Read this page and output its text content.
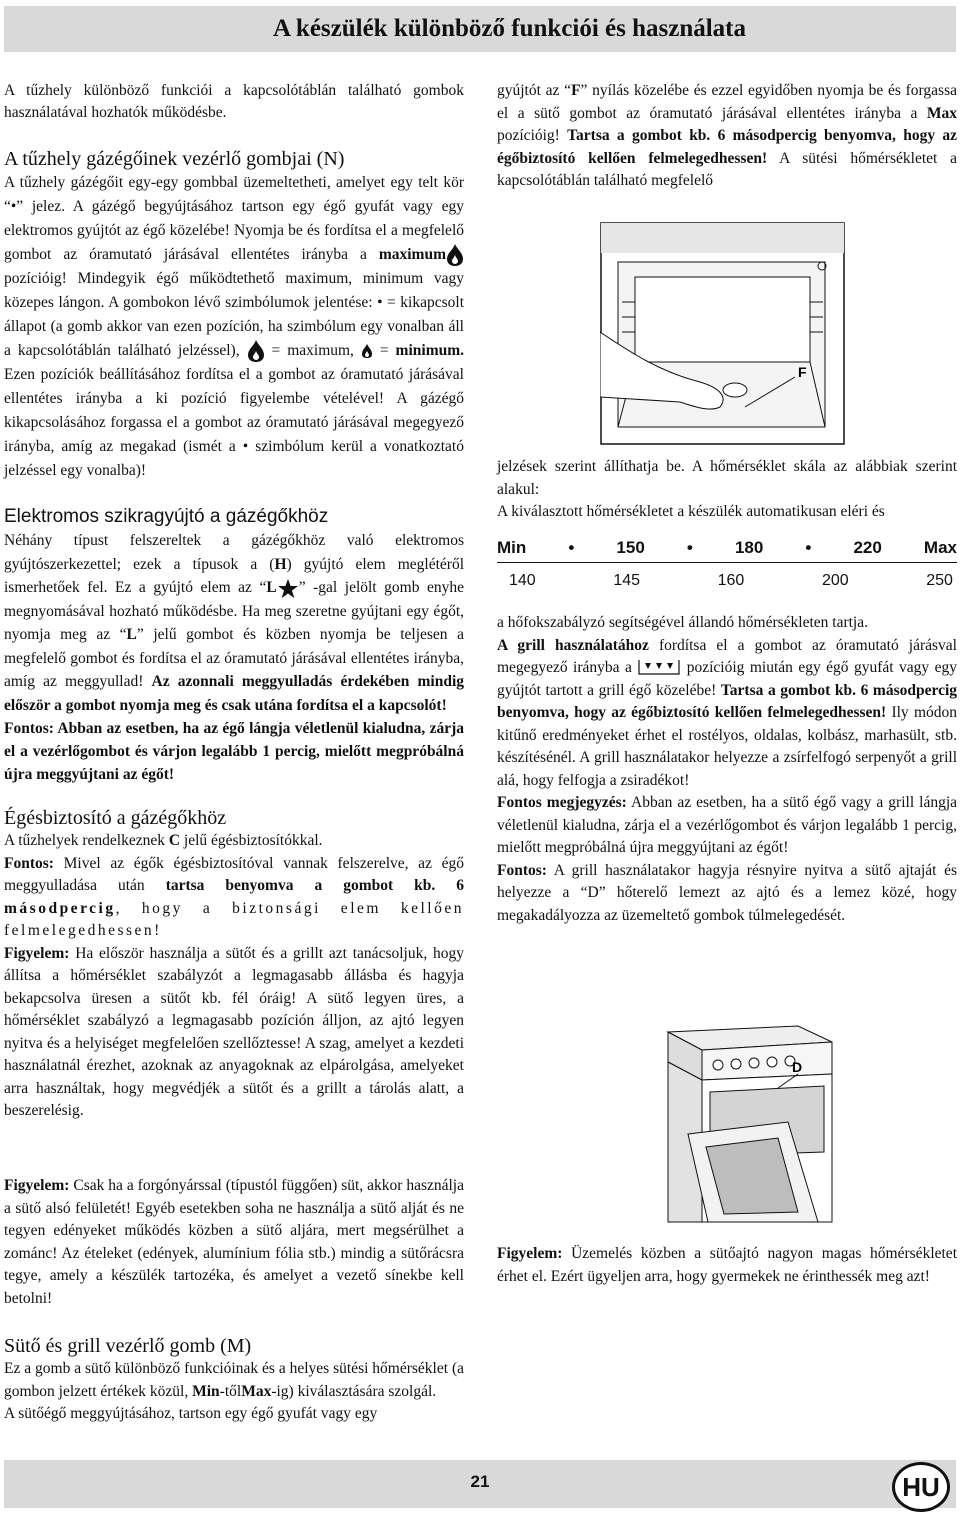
A készülék különböző funkciói és használata

A tűzhely különböző funkciói a kapcsolótáblán található gombok használatával hozhatók működésbe.

A tűzhely gázégőinek vezérlő gombjai (N)

A tűzhely gázégőit egy-egy gombbal üzemeltetheti, amelyet egy telt kör “•” jelez. A gázégő begyújtásához tartson egy égő gyufát vagy egy elektromos gyújtót az égő közelébe! Nyomja be és fordítsa el a megfelelő gombot az óramutató járásával ellentétes irányba a maximum pozícióig! Mindegyik égő működtethető maximum, minimum vagy közepes lángon. A gombokon lévő szimbólumok jelentése: • = kikapcsolt állapot (a gomb akkor van ezen pozíción, ha szimbólum egy vonalban áll a kapcsolótáblán található jelzéssel), = maximum, = minimum. Ezen pozíciók beállításához fordítsa el a gombot az óramutató járásával ellentétes irányba a ki pozíció figyelembe vételével! A gázégő kikapcsolásához forgassa el a gombot az óramutató járásával megegyező irányba, amíg az megakad (ismét a • szimbólum kerül a vonatkoztató jelzéssel egy vonalba)!

Elektromos szikragyújtó a gázégőkhöz

Néhány típust felszereltek a gázégőkhöz való elektromos gyújtószerkezettel; ezek a típusok a (H) gyújtó elem meglétéről ismerhetőek fel. Ez a gyújtó elem az “L ” -gal jelölt gomb enyhe megnyomásával hozható működésbe. Ha meg szeretne gyújtani egy égőt, nyomja meg az “L” jelű gombot és közben nyomja be teljesen a megfelelő gombot és fordítsa el az óramutató járásával ellentétes irányba, amíg az meggyullad! Az azonnali meggyulladás érdekében mindig először a gombot nyomja meg és csak utána fordítsa el a kapcsolót!

Fontos: Abban az esetben, ha az égő lángja véletlenül kialudna, zárja el a vezérlőgombot és várjon legalább 1 percig, mielőtt megpróbálná újra meggyújtani az égőt!

Égésbiztosító a gázégőkhöz

A tűzhelyek rendelkeznek C jelű égésbiztosítókkal.
Fontos: Mivel az égők égésbiztosítóval vannak felszerelve, az égő meggyulladása után tartsa benyomva a gombot kb. 6 másodpercig, hogy a biztonsági elem kellően felmelegedhessen!
Figyelem: Ha először használja a sütőt és a grillt azt tanácsoljuk, hogy állítsa a hőmérséklet szabályzót a legmagasabb állásba és hagyja bekapcsolva üresen a sütőt kb. fél óráig! A sütő legyen üres, a hőmérséklet szabályzó a legmagasabb pozíción álljon, az ajtó legyen nyitva és a helyiséget megfelelően szellőztesse! A szag, amelyet a kezdeti használatnál érezhet, azoknak az anyagoknak az elpárolgása, amelyeket arra használtak, hogy megvédjék a sütőt és a grillt a tárolás alatt, a beszerelésig.

Figyelem: Csak ha a forgónyárssal (típustól függően) süt, akkor használja a sütő alsó felületét! Egyéb esetekben sohа ne használja a sütő alját és ne tegyen edényeket működés közben a sütő aljára, mert megsérülhet a zománc! Az ételeket (edények, alumínium fólia stb.) mindig a sütőrácsra tegye, amely a készülék tartozéka, és amelyet a vezető sínekbe kell betolni!

Sütő és grill vezérlő gomb (M)

Ez a gomb a sütő különböző funkcióinak és a helyes sütési hőmérséklet (a gombon jelzett értékek közül, Min-tőlMax-ig) kiválasztására szolgál.
A sütőégő meggyújtásához, tartson egy égő gyufát vagy egy

gyújtót az “F” nyílás közelébe és ezzel egyidőben nyomja be és forgassa el a sütő gombot az óramutató járásával ellentétes irányba a Max pozícióig! Tartsa a gombot kb. 6 másodpercig benyomva, hogy az égőbiztosító kellően felmelegedhessen! A sütési hőmérsékletet a kapcsolótáblán található megfelelő

F

jelzések szerint állíthatja be. A hőmérséklet skála az alábbiak szerint alakul:
A kiválasztott hőmérsékletet a készülék automatikusan eléri és

Min • 150 • 180 • 220 Max
140	145	160	200	250

a hőfokszabályzó segítségével állandó hőmérsékleten tartja.
A grill használatához fordítsa el a gombot az óramutató járásval megegyező irányba a	pozícióig miután egy égő gyufát vagy egy gyújtót tartott a grill égő közelébe! Tartsa a gombot kb. 6 másodpercig benyomva, hogy az égőbiztosító kellően felmelegedhessen! Ily módon kitűnő eredményeket érhet el rostélyos, oldalas, kolbász, marhasült, stb. készítésénél. A grill használatakor helyezze a zsírfelfogó serpenyőt a grill alá, hogy felfogja a zsiradékot!
Fontos megjegyzés: Abban az esetben, ha a sütő égő vagy a grill lángja véletlenül kialudna, zárja el a vezérlőgombot és várjon legalább 1 percig, mielőtt megpróbálná újra meggyújtani az égőt!
Fontos: A grill használatakor hagyja résnyire nyitva a sütő ajtaját és helyezze a “D” hőterelő lemezt az ajtó és a lemez közé, hogy megakadályozza az üzemeltető gombok túlmelegedését.

D

Figyelem: Üzemelés közben a sütőajtó nagyon magas hőmérsékletet érhet el. Ezért ügyeljen arra, hogy gyermekek ne érinthessék meg azt!

21	HU
